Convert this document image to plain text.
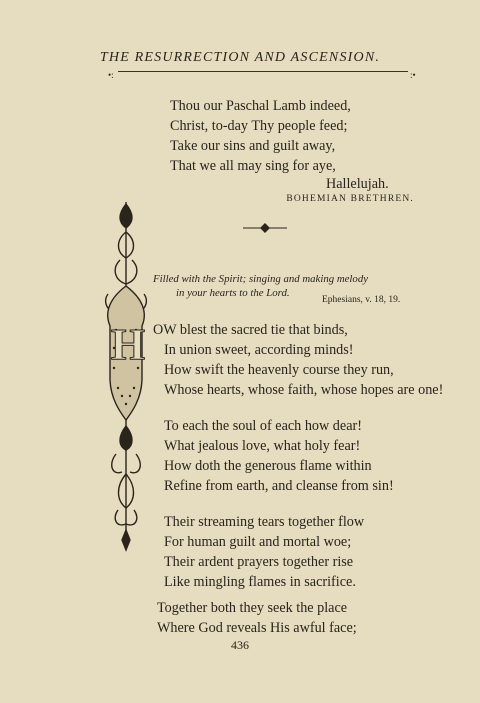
THE RESURRECTION AND ASCENSION.
•:	:•
Thou our Paschal Lamb indeed,
Christ, to-day Thy people feed;
Take our sins and guilt away,
That we all may sing for aye,
Hallelujah.
BOHEMIAN BRETHREN.
Filled with the Spirit; singing and making melody
in your hearts to the Lord.
Ephesians, v. 18, 19.
H OW blest the sacred tie that binds,
In union sweet, according minds!
How swift the heavenly course they run,
Whose hearts, whose faith, whose hopes are one!
To each the soul of each how dear!
What jealous love, what holy fear!
How doth the generous flame within
Refine from earth, and cleanse from sin!
Their streaming tears together flow
For human guilt and mortal woe;
Their ardent prayers together rise
Like mingling flames in sacrifice.
Together both they seek the place
Where God reveals His awful face;
436
